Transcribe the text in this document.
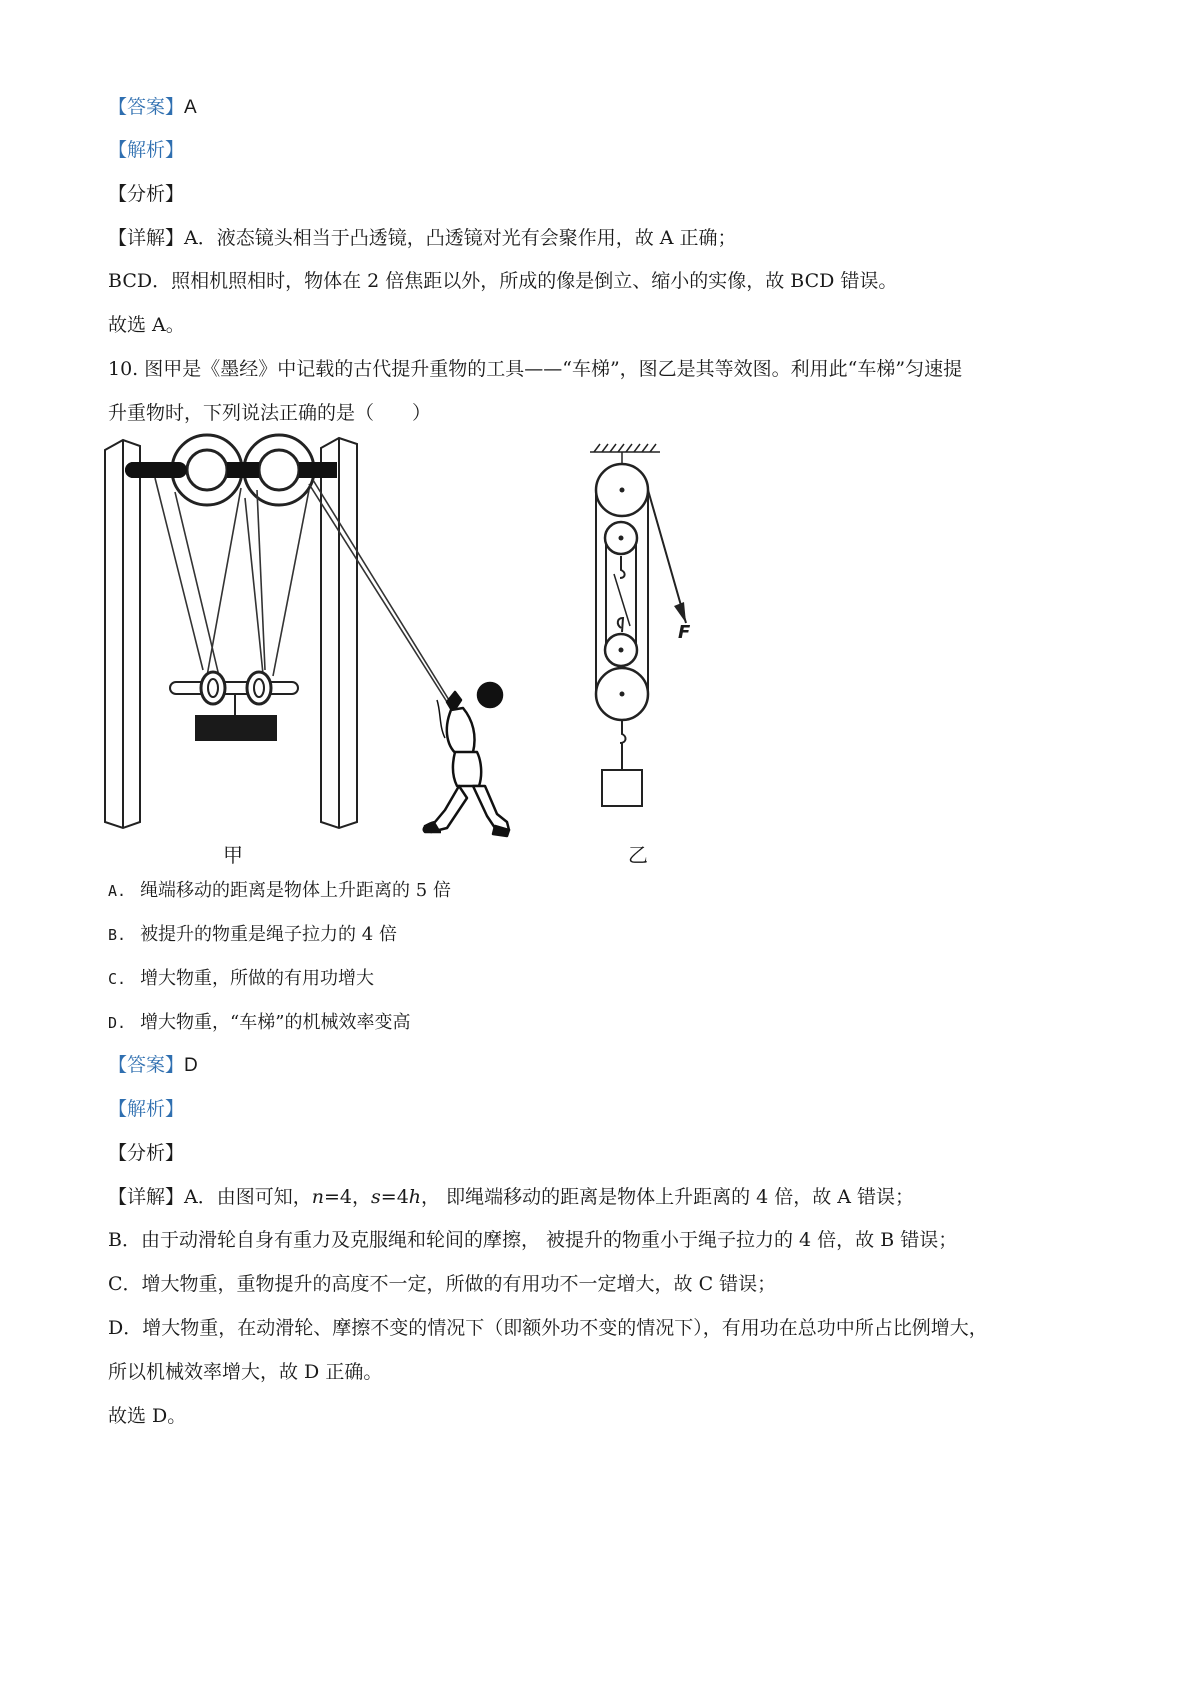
【答案】A
【解析】
【分析】
【详解】A．液态镜头相当于凸透镜，凸透镜对光有会聚作用，故 A 正确；
BCD．照相机照相时，物体在 2 倍焦距以外，所成的像是倒立、缩小的实像，故 BCD 错误。
故选 A。
10. 图甲是《墨经》中记载的古代提升重物的工具——“车梯”，图乙是其等效图。利用此“车梯”匀速提
升重物时，下列说法正确的是（　　）
甲
F
乙
A. 绳端移动的距离是物体上升距离的 5 倍
B. 被提升的物重是绳子拉力的 4 倍
C. 增大物重，所做的有用功增大
D. 增大物重，“车梯”的机械效率变高
【答案】D
【解析】
【分析】
【详解】A．由图可知，n=4，s=4h， 即绳端移动的距离是物体上升距离的 4 倍，故 A 错误；
B．由于动滑轮自身有重力及克服绳和轮间的摩擦， 被提升的物重小于绳子拉力的 4 倍，故 B 错误；
C．增大物重，重物提升的高度不一定，所做的有用功不一定增大，故 C 错误；
D．增大物重，在动滑轮、摩擦不变的情况下（即额外功不变的情况下），有用功在总功中所占比例增大，
所以机械效率增大，故 D 正确。
故选 D。
